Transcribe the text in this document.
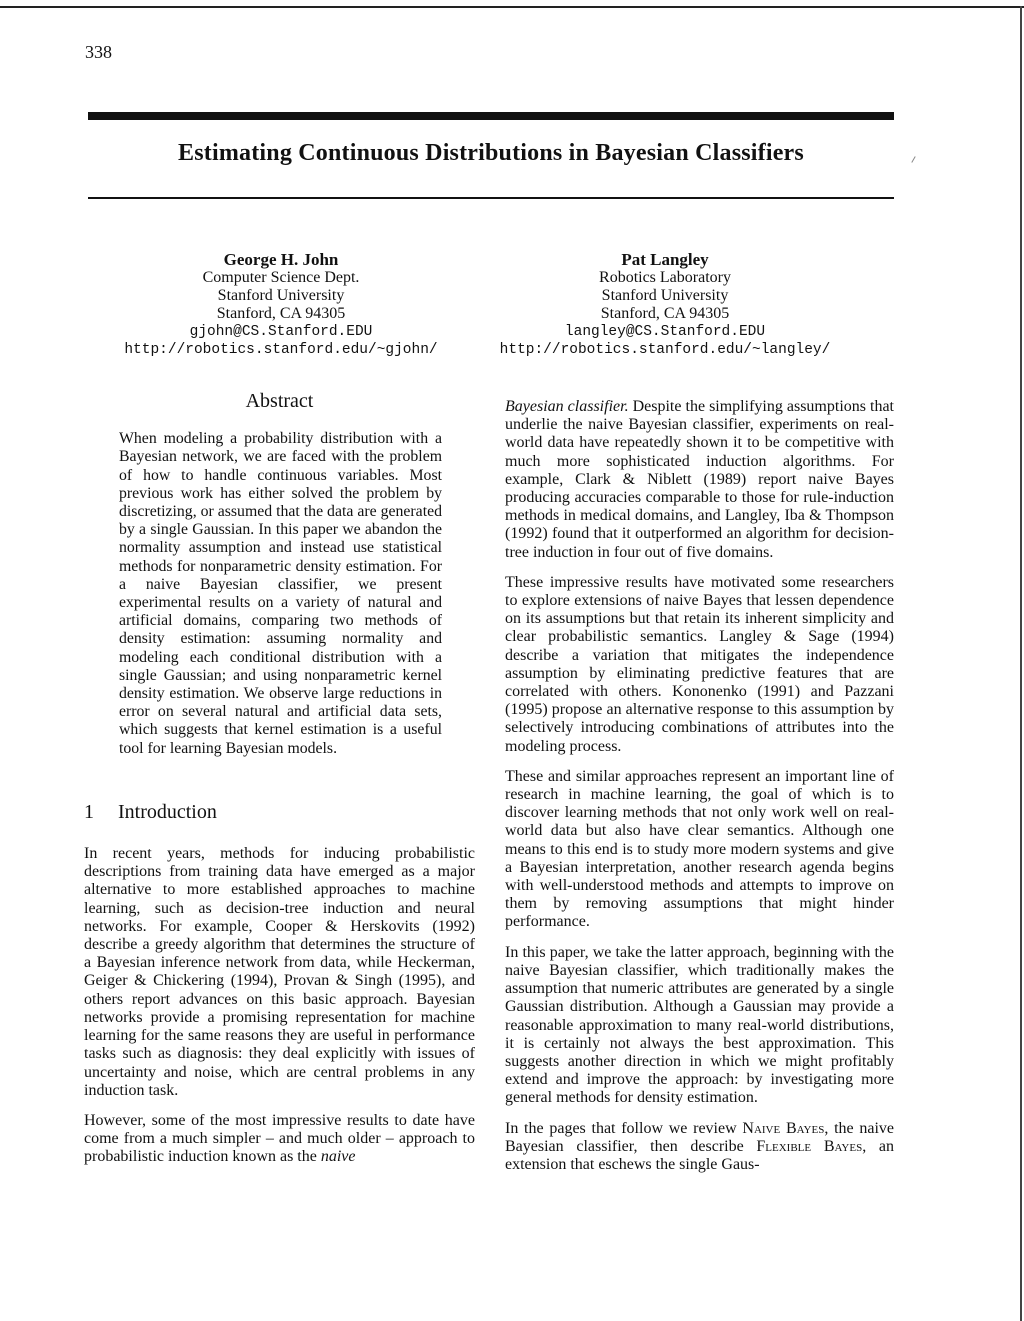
338
Estimating Continuous Distributions in Bayesian Classifiers
George H. John
Computer Science Dept.
Stanford University
Stanford, CA 94305
gjohn@CS.Stanford.EDU
http://robotics.stanford.edu/~gjohn/
Pat Langley
Robotics Laboratory
Stanford University
Stanford, CA 94305
langley@CS.Stanford.EDU
http://robotics.stanford.edu/~langley/
Abstract

When modeling a probability distribution with a Bayesian network, we are faced with the problem of how to handle continuous variables. Most previous work has either solved the problem by discretizing, or assumed that the data are generated by a single Gaussian. In this paper we abandon the normality assumption and instead use statistical methods for nonparametric density estimation. For a naive Bayesian classifier, we present experimental results on a variety of natural and artificial domains, comparing two methods of density estimation: assuming normality and modeling each conditional distribution with a single Gaussian; and using nonparametric kernel density estimation. We observe large reductions in error on several natural and artificial data sets, which suggests that kernel estimation is a useful tool for learning Bayesian models.

1 Introduction

In recent years, methods for inducing probabilistic descriptions from training data have emerged as a major alternative to more established approaches to machine learning, such as decision-tree induction and neural networks. For example, Cooper & Herskovits (1992) describe a greedy algorithm that determines the structure of a Bayesian inference network from data, while Heckerman, Geiger & Chickering (1994), Provan & Singh (1995), and others report advances on this basic approach. Bayesian networks provide a promising representation for machine learning for the same reasons they are useful in performance tasks such as diagnosis: they deal explicitly with issues of uncertainty and noise, which are central problems in any induction task.

However, some of the most impressive results to date have come from a much simpler – and much older – approach to probabilistic induction known as the naive

Bayesian classifier. Despite the simplifying assumptions that underlie the naive Bayesian classifier, experiments on real-world data have repeatedly shown it to be competitive with much more sophisticated induction algorithms. For example, Clark & Niblett (1989) report naive Bayes producing accuracies comparable to those for rule-induction methods in medical domains, and Langley, Iba & Thompson (1992) found that it outperformed an algorithm for decision-tree induction in four out of five domains.

These impressive results have motivated some researchers to explore extensions of naive Bayes that lessen dependence on its assumptions but that retain its inherent simplicity and clear probabilistic semantics. Langley & Sage (1994) describe a variation that mitigates the independence assumption by eliminating predictive features that are correlated with others. Kononenko (1991) and Pazzani (1995) propose an alternative response to this assumption by selectively introducing combinations of attributes into the modeling process.

These and similar approaches represent an important line of research in machine learning, the goal of which is to discover learning methods that not only work well on real-world data but also have clear semantics. Although one means to this end is to study more modern systems and give a Bayesian interpretation, another research agenda begins with well-understood methods and attempts to improve on them by removing assumptions that might hinder performance.

In this paper, we take the latter approach, beginning with the naive Bayesian classifier, which traditionally makes the assumption that numeric attributes are generated by a single Gaussian distribution. Although a Gaussian may provide a reasonable approximation to many real-world distributions, it is certainly not always the best approximation. This suggests another direction in which we might profitably extend and improve the approach: by investigating more general methods for density estimation.

In the pages that follow we review Naive Bayes, the naive Bayesian classifier, then describe Flexible Bayes, an extension that eschews the single Gaus-
